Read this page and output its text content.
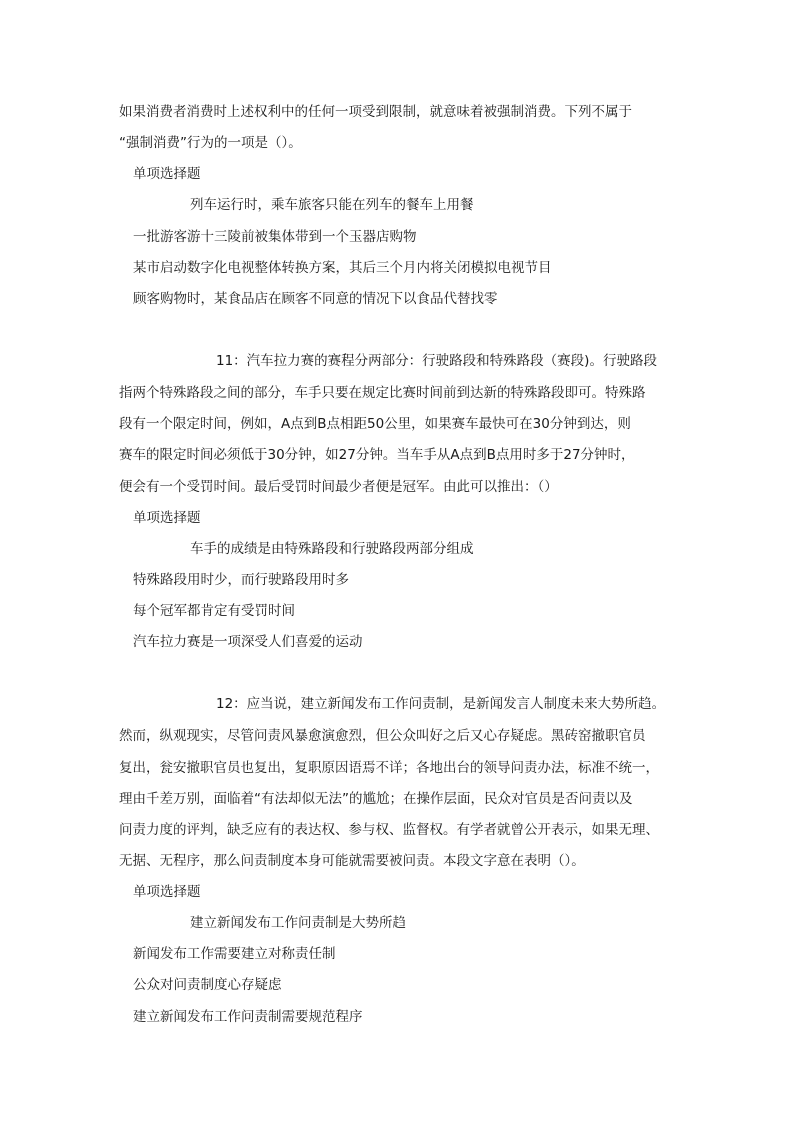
如果消费者消费时上述权利中的任何一项受到限制，就意味着被强制消费。下列不属于
“强制消费”行为的一项是（）。
单项选择题
列车运行时，乘车旅客只能在列车的餐车上用餐
一批游客游十三陵前被集体带到一个玉器店购物
某市启动数字化电视整体转换方案，其后三个月内将关闭模拟电视节目
顾客购物时，某食品店在顾客不同意的情况下以食品代替找零
11：汽车拉力赛的赛程分两部分：行驶路段和特殊路段（赛段)。行驶路段
指两个特殊路段之间的部分，车手只要在规定比赛时间前到达新的特殊路段即可。特殊路
段有一个限定时间，例如，A点到B点相距50公里，如果赛车最快可在30分钟到达，则
赛车的限定时间必须低于30分钟，如27分钟。当车手从A点到B点用时多于27分钟时，
便会有一个受罚时间。最后受罚时间最少者便是冠军。由此可以推出：（）
单项选择题
车手的成绩是由特殊路段和行驶路段两部分组成
特殊路段用时少，而行驶路段用时多
每个冠军都肯定有受罚时间
汽车拉力赛是一项深受人们喜爱的运动
12：应当说，建立新闻发布工作问责制，是新闻发言人制度未来大势所趋。
然而，纵观现实，尽管问责风暴愈演愈烈，但公众叫好之后又心存疑虑。黑砖窑撤职官员
复出，瓮安撤职官员也复出，复职原因语焉不详；各地出台的领导问责办法，标准不统一，
理由千差万别，面临着“有法却似无法”的尴尬；在操作层面，民众对官员是否问责以及
问责力度的评判，缺乏应有的表达权、参与权、监督权。有学者就曾公开表示，如果无理、
无据、无程序，那么问责制度本身可能就需要被问责。本段文字意在表明（）。
单项选择题
建立新闻发布工作问责制是大势所趋
新闻发布工作需要建立对称责任制
公众对问责制度心存疑虑
建立新闻发布工作问责制需要规范程序
